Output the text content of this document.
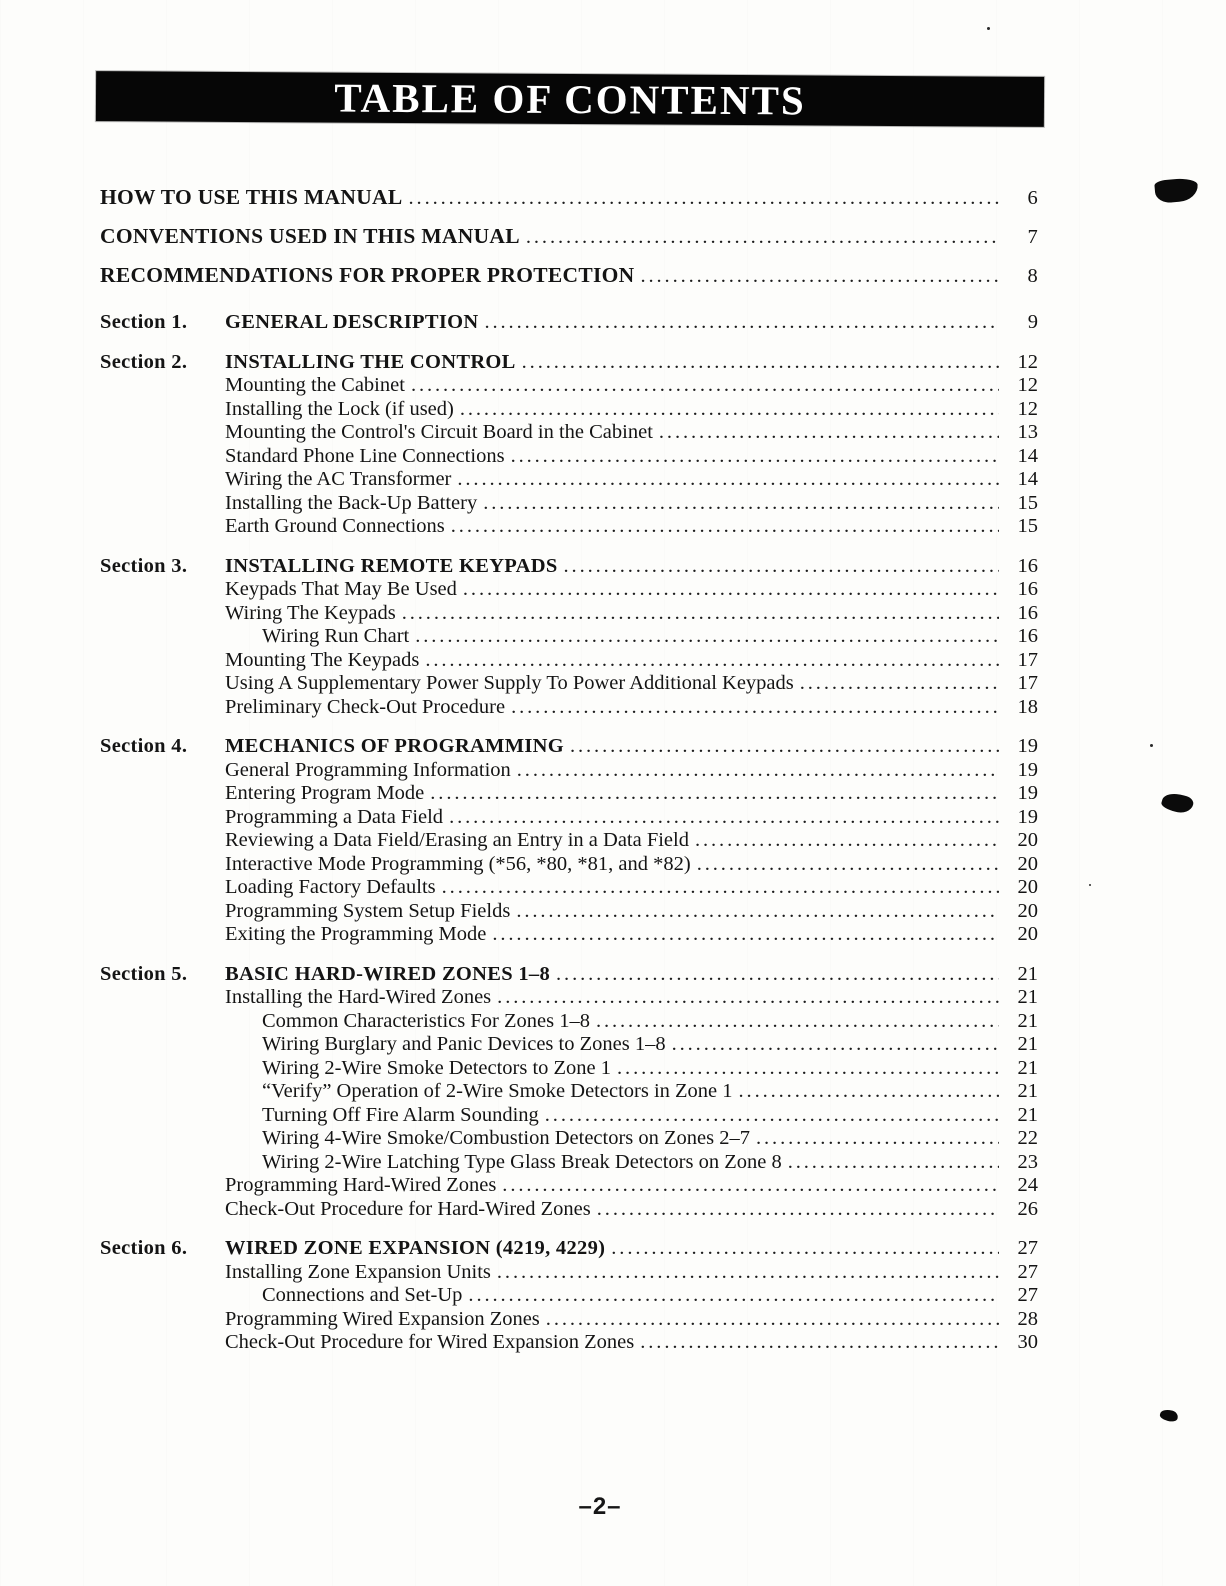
TABLE OF CONTENTS
HOW TO USE THIS MANUAL .....	6
CONVENTIONS USED IN THIS MANUAL .....	7
RECOMMENDATIONS FOR PROPER PROTECTION .....	8
Section 1.	GENERAL DESCRIPTION .....	9
Section 2.	INSTALLING THE CONTROL .....	12
Mounting the Cabinet .....	12
Installing the Lock (if used) .....	12
Mounting the Control's Circuit Board in the Cabinet .....	13
Standard Phone Line Connections .....	14
Wiring the AC Transformer .....	14
Installing the Back-Up Battery .....	15
Earth Ground Connections .....	15
Section 3.	INSTALLING REMOTE KEYPADS .....	16
Keypads That May Be Used .....	16
Wiring The Keypads .....	16
Wiring Run Chart .....	16
Mounting The Keypads .....	17
Using A Supplementary Power Supply To Power Additional Keypads .....	17
Preliminary Check-Out Procedure .....	18
Section 4.	MECHANICS OF PROGRAMMING .....	19
General Programming Information .....	19
Entering Program Mode .....	19
Programming a Data Field .....	19
Reviewing a Data Field/Erasing an Entry in a Data Field .....	20
Interactive Mode Programming (*56, *80, *81, and *82) .....	20
Loading Factory Defaults .....	20
Programming System Setup Fields .....	20
Exiting the Programming Mode .....	20
Section 5.	BASIC HARD-WIRED ZONES 1–8 .....	21
Installing the Hard-Wired Zones .....	21
Common Characteristics For Zones 1–8 .....	21
Wiring Burglary and Panic Devices to Zones 1–8 .....	21
Wiring 2-Wire Smoke Detectors to Zone 1 .....	21
“Verify” Operation of 2-Wire Smoke Detectors in Zone 1 .....	21
Turning Off Fire Alarm Sounding .....	21
Wiring 4-Wire Smoke/Combustion Detectors on Zones 2–7 .....	22
Wiring 2-Wire Latching Type Glass Break Detectors on Zone 8 .....	23
Programming Hard-Wired Zones .....	24
Check-Out Procedure for Hard-Wired Zones .....	26
Section 6.	WIRED ZONE EXPANSION (4219, 4229) .....	27
Installing Zone Expansion Units .....	27
Connections and Set-Up .....	27
Programming Wired Expansion Zones .....	28
Check-Out Procedure for Wired Expansion Zones .....	30
–2–
